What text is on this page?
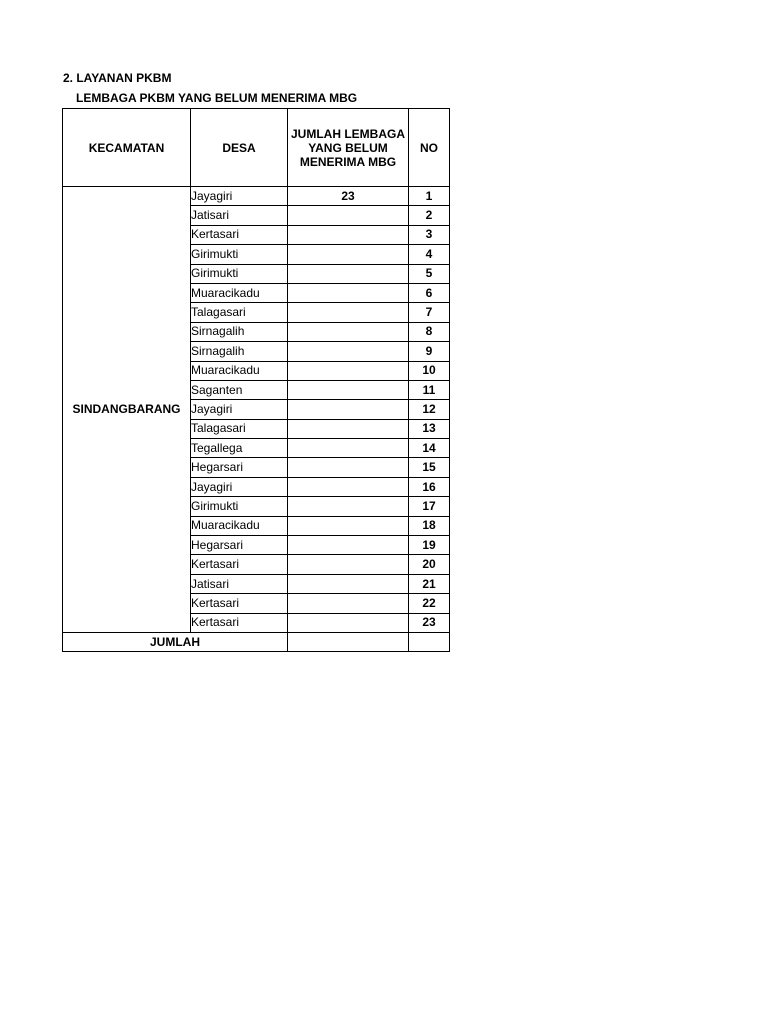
2. LAYANAN PKBM
LEMBAGA PKBM YANG BELUM MENERIMA MBG
KECAMATAN	DESA	JUMLAH LEMBAGA YANG BELUM MENERIMA MBG	NO
SINDANGBARANG	Jayagiri	23	1
	Jatisari		2
	Kertasari		3
	Girimukti		4
	Girimukti		5
	Muaracikadu		6
	Talagasari		7
	Sirnagalih		8
	Sirnagalih		9
	Muaracikadu		10
	Saganten		11
	Jayagiri		12
	Talagasari		13
	Tegallega		14
	Hegarsari		15
	Jayagiri		16
	Girimukti		17
	Muaracikadu		18
	Hegarsari		19
	Kertasari		20
	Jatisari		21
	Kertasari		22
	Kertasari		23
JUMLAH			
